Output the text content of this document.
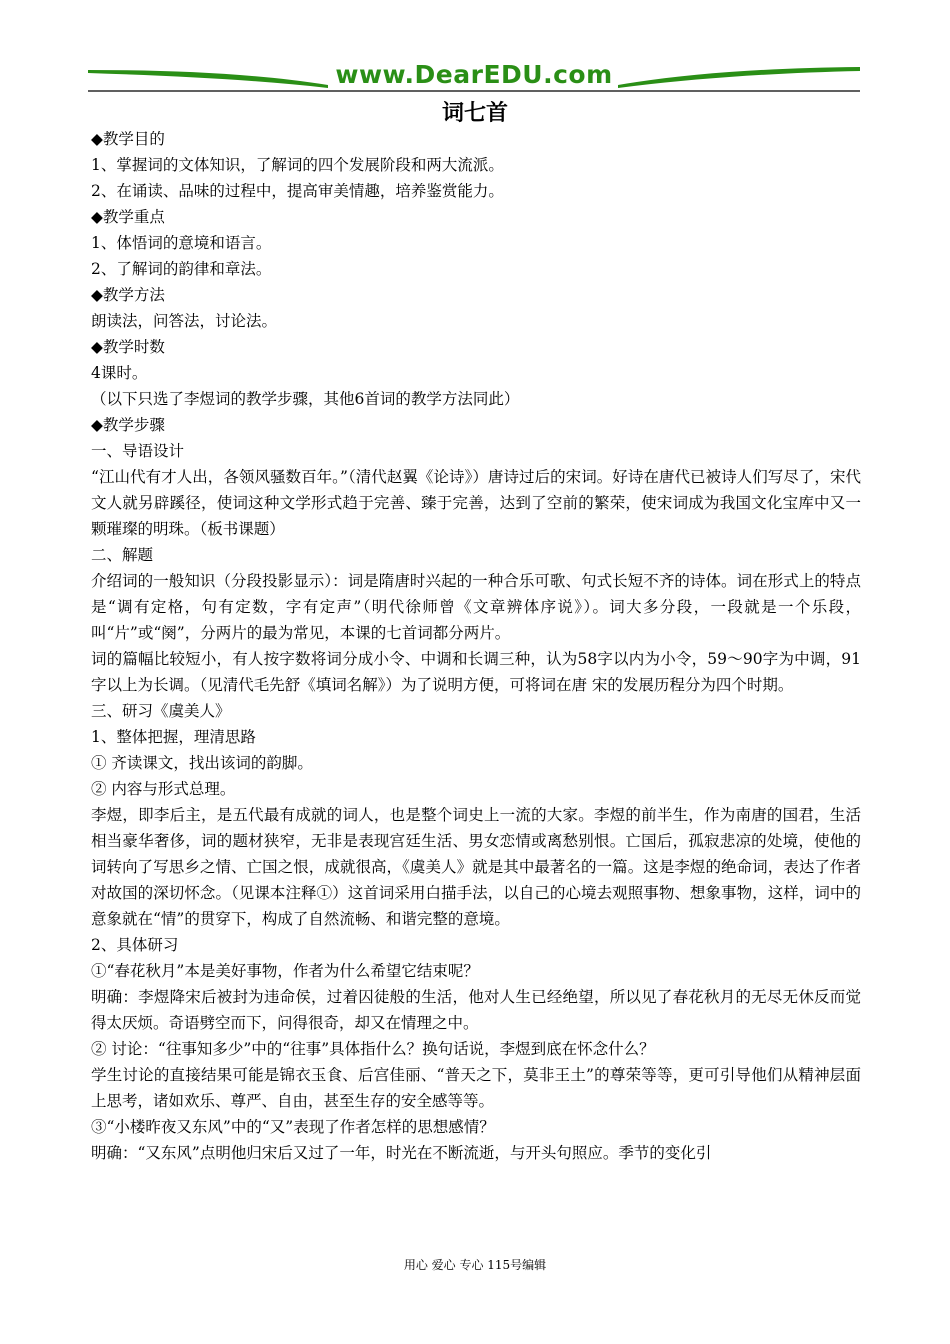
www.DearEDU.com
词七首

◆教学目的

1、掌握词的文体知识，了解词的四个发展阶段和两大流派。

2、在诵读、品味的过程中，提高审美情趣，培养鉴赏能力。

◆教学重点

1、体悟词的意境和语言。

2、了解词的韵律和章法。

◆教学方法

朗读法，问答法，讨论法。

◆教学时数

4课时。

（以下只选了李煜词的教学步骤，其他6首词的教学方法同此）

◆教学步骤

一、导语设计

“江山代有才人出，各领风骚数百年。”（清代赵翼《论诗》）唐诗过后的宋词。好诗在唐代已被诗人们写尽了，宋代文人就另辟蹊径，使词这种文学形式趋于完善、臻于完善，达到了空前的繁荣，使宋词成为我国文化宝库中又一颗璀璨的明珠。（板书课题）

二、解题

介绍词的一般知识（分段投影显示）：词是隋唐时兴起的一种合乐可歌、句式长短不齐的诗体。词在形式上的特点是“调有定格，句有定数，字有定声”（明代徐师曾《文章辨体序说》）。词大多分段，一段就是一个乐段，叫“片”或“阕”，分两片的最为常见，本课的七首词都分两片。

词的篇幅比较短小，有人按字数将词分成小令、中调和长调三种，认为58字以内为小令，59～90字为中调，91字以上为长调。（见清代毛先舒《填词名解》）为了说明方便，可将词在唐 宋的发展历程分为四个时期。

三、研习《虞美人》

1、整体把握，理清思路

① 齐读课文，找出该词的韵脚。

② 内容与形式总理。

李煜，即李后主，是五代最有成就的词人，也是整个词史上一流的大家。李煜的前半生，作为南唐的国君，生活相当豪华奢侈，词的题材狭窄，无非是表现宫廷生活、男女恋情或离愁别恨。亡国后，孤寂悲凉的处境，使他的词转向了写思乡之情、亡国之恨，成就很高，《虞美人》就是其中最著名的一篇。这是李煜的绝命词，表达了作者对故国的深切怀念。（见课本注释①）这首词采用白描手法，以自己的心境去观照事物、想象事物，这样，词中的意象就在“情”的贯穿下，构成了自然流畅、和谐完整的意境。

2、具体研习

①“春花秋月”本是美好事物，作者为什么希望它结束呢？

明确：李煜降宋后被封为违命侯，过着囚徒般的生活，他对人生已经绝望，所以见了春花秋月的无尽无休反而觉得太厌烦。奇语劈空而下，问得很奇，却又在情理之中。

② 讨论：“往事知多少”中的“往事”具体指什么？换句话说，李煜到底在怀念什么？

学生讨论的直接结果可能是锦衣玉食、后宫佳丽、“普天之下，莫非王土”的尊荣等等，更可引导他们从精神层面上思考，诸如欢乐、尊严、自由，甚至生存的安全感等等。

③“小楼昨夜又东风”中的“又”表现了作者怎样的思想感情？

明确：“又东风”点明他归宋后又过了一年，时光在不断流逝，与开头句照应。季节的变化引

用心 爱心 专心 115号编辑
